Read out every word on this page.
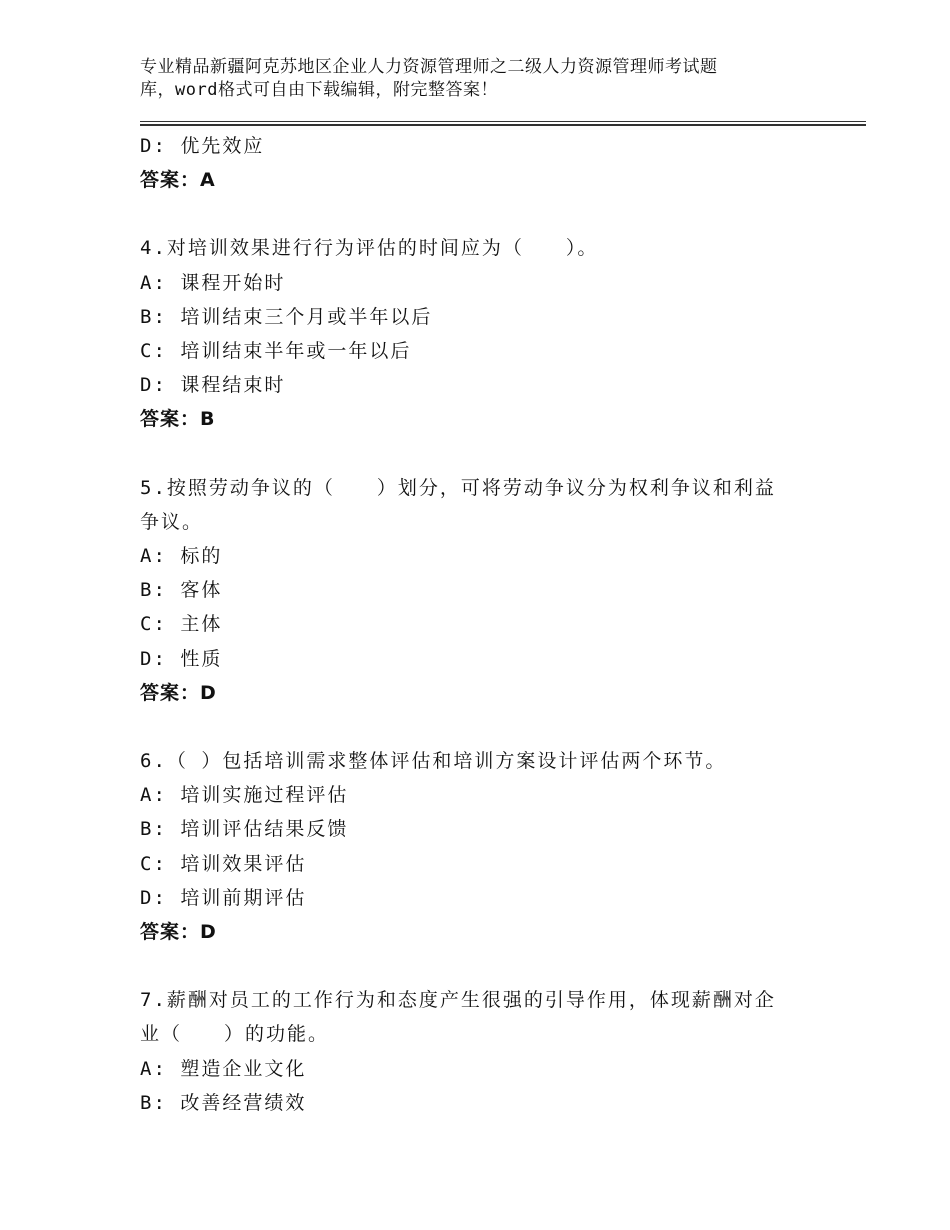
专业精品新疆阿克苏地区企业人力资源管理师之二级人力资源管理师考试题
库，word格式可自由下载编辑，附完整答案！
D: 优先效应
答案：A
4.对培训效果进行行为评估的时间应为（　　）。
A: 课程开始时
B: 培训结束三个月或半年以后
C: 培训结束半年或一年以后
D: 课程结束时
答案：B
5.按照劳动争议的（　　）划分，可将劳动争议分为权利争议和利益
争议。
A: 标的
B: 客体
C: 主体
D: 性质
答案：D
6.（ ）包括培训需求整体评估和培训方案设计评估两个环节。
A: 培训实施过程评估
B: 培训评估结果反馈
C: 培训效果评估
D: 培训前期评估
答案：D
7.薪酬对员工的工作行为和态度产生很强的引导作用，体现薪酬对企
业（　　）的功能。
A: 塑造企业文化
B: 改善经营绩效
